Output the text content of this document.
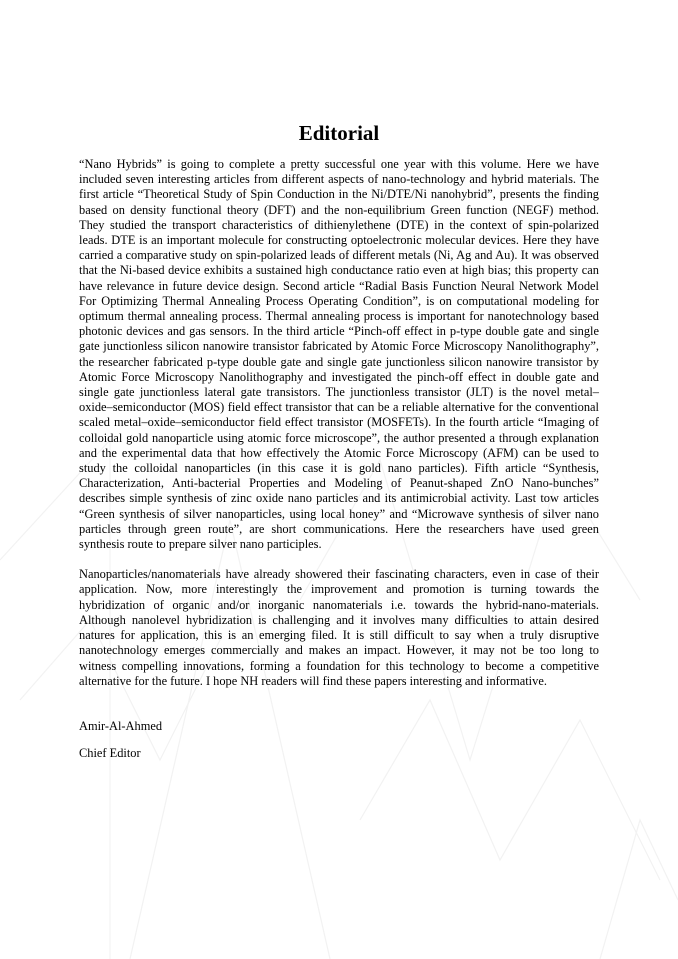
Editorial

“Nano Hybrids” is going to complete a pretty successful one year with this volume. Here we have included seven interesting articles from different aspects of nano-technology and hybrid materials. The first article “Theoretical Study of Spin Conduction in the Ni/DTE/Ni nanohybrid”, presents the finding based on density functional theory (DFT) and the non-equilibrium Green function (NEGF) method. They studied the transport characteristics of dithienylethene (DTE) in the context of spin-polarized leads. DTE is an important molecule for constructing optoelectronic molecular devices. Here they have carried a comparative study on spin-polarized leads of different metals (Ni, Ag and Au). It was observed that the Ni-based device exhibits a sustained high conductance ratio even at high bias; this property can have relevance in future device design. Second article “Radial Basis Function Neural Network Model For Optimizing Thermal Annealing Process Operating Condition”, is on computational modeling for optimum thermal annealing process. Thermal annealing process is important for nanotechnology based photonic devices and gas sensors. In the third article “Pinch-off effect in p-type double gate and single gate junctionless silicon nanowire transistor fabricated by Atomic Force Microscopy Nanolithography”, the researcher fabricated p-type double gate and single gate junctionless silicon nanowire transistor by Atomic Force Microscopy Nanolithography and investigated the pinch-off effect in double gate and single gate junctionless lateral gate transistors. The junctionless transistor (JLT) is the novel metal–oxide–semiconductor (MOS) field effect transistor that can be a reliable alternative for the conventional scaled metal–oxide–semiconductor field effect transistor (MOSFETs). In the fourth article “Imaging of colloidal gold nanoparticle using atomic force microscope”, the author presented a through explanation and the experimental data that how effectively the Atomic Force Microscopy (AFM) can be used to study the colloidal nanoparticles (in this case it is gold nano particles). Fifth article “Synthesis, Characterization, Anti-bacterial Properties and Modeling of Peanut-shaped ZnO Nano-bunches” describes simple synthesis of zinc oxide nano particles and its antimicrobial activity. Last tow articles “Green synthesis of silver nanoparticles, using local honey” and “Microwave synthesis of silver nano particles through green route”, are short communications. Here the researchers have used green synthesis route to prepare silver nano participles.

Nanoparticles/nanomaterials have already showered their fascinating characters, even in case of their application. Now, more interestingly the improvement and promotion is turning towards the hybridization of organic and/or inorganic nanomaterials i.e. towards the hybrid-nano-materials. Although nanolevel hybridization is challenging and it involves many difficulties to attain desired natures for application, this is an emerging filed. It is still difficult to say when a truly disruptive nanotechnology emerges commercially and makes an impact. However, it may not be too long to witness compelling innovations, forming a foundation for this technology to become a competitive alternative for the future. I hope NH readers will find these papers interesting and informative.

Amir-Al-Ahmed

Chief Editor
